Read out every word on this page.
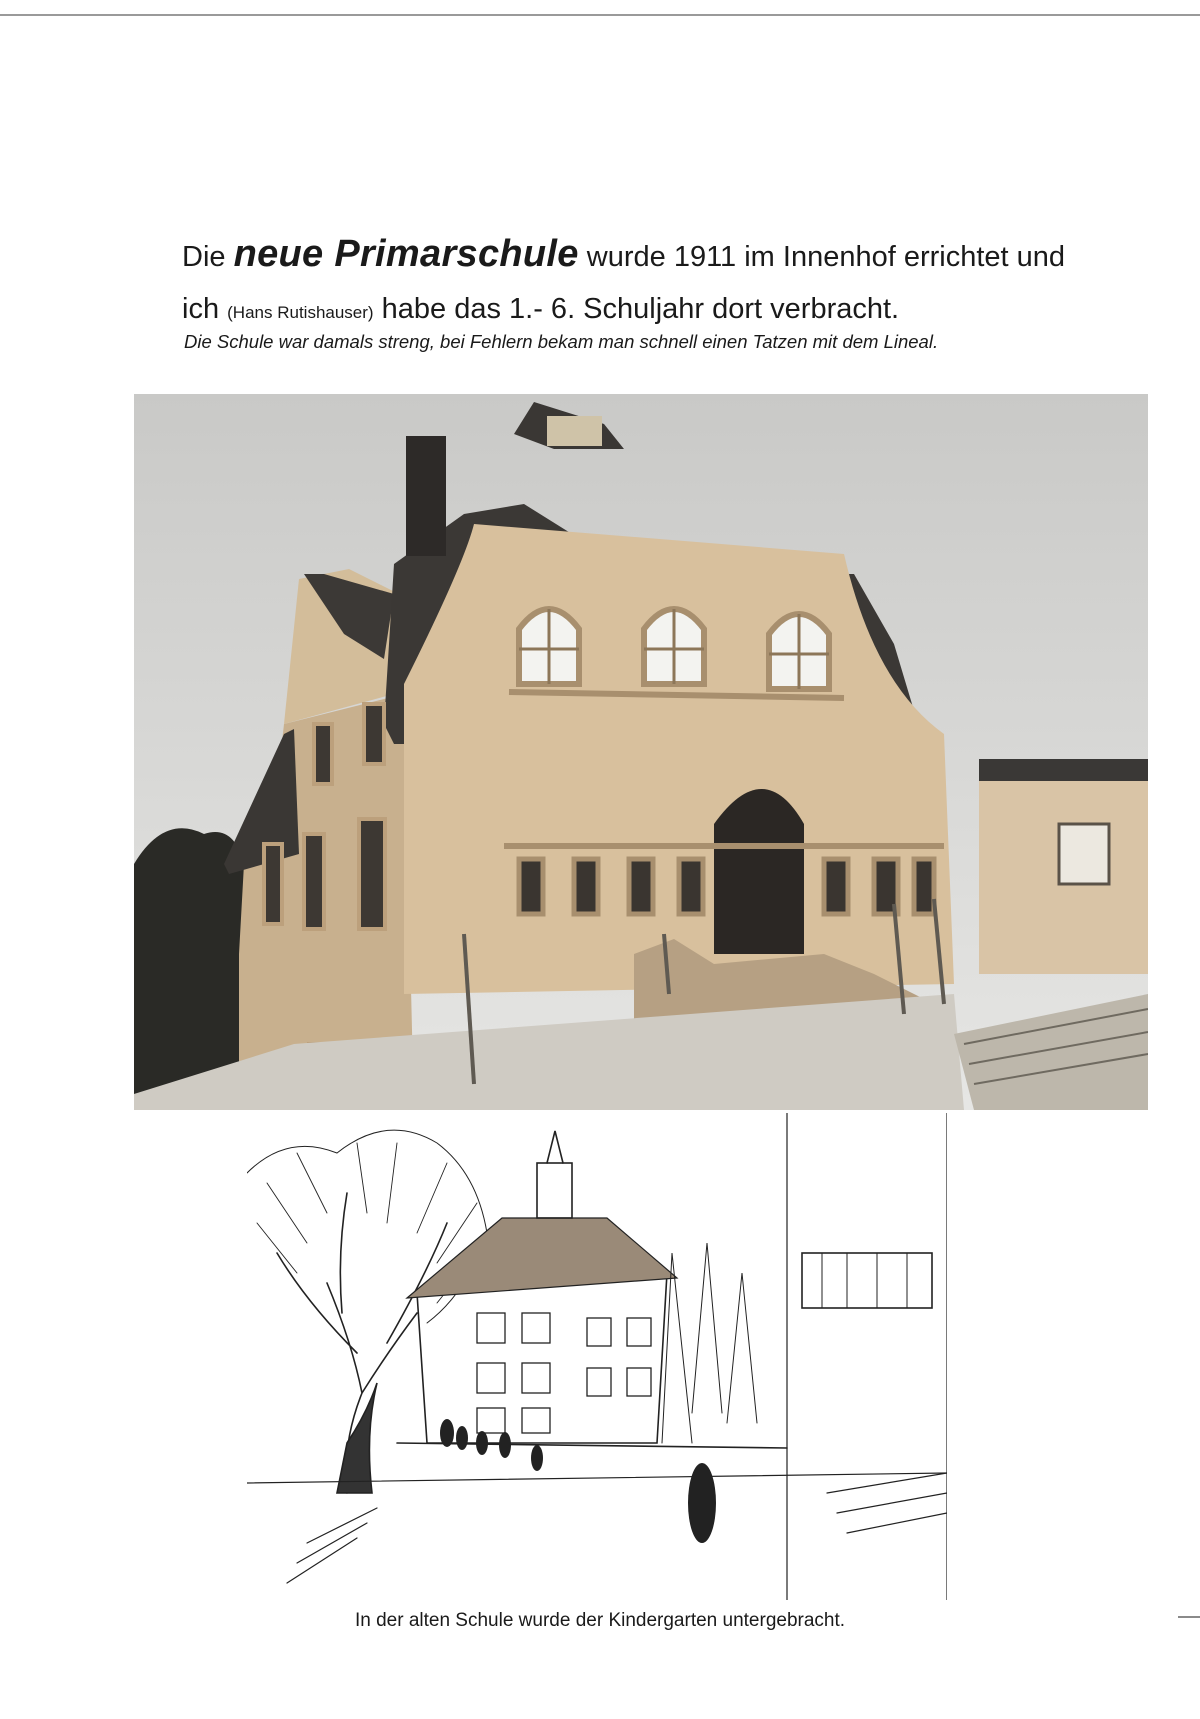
Die neue Primarschule wurde 1911 im Innenhof errichtet und
ich (Hans Rutishauser) habe das 1.- 6. Schuljahr dort verbracht.
Die Schule war damals streng, bei Fehlern bekam man schnell einen Tatzen mit dem Lineal.
In der alten Schule wurde der Kindergarten untergebracht.
